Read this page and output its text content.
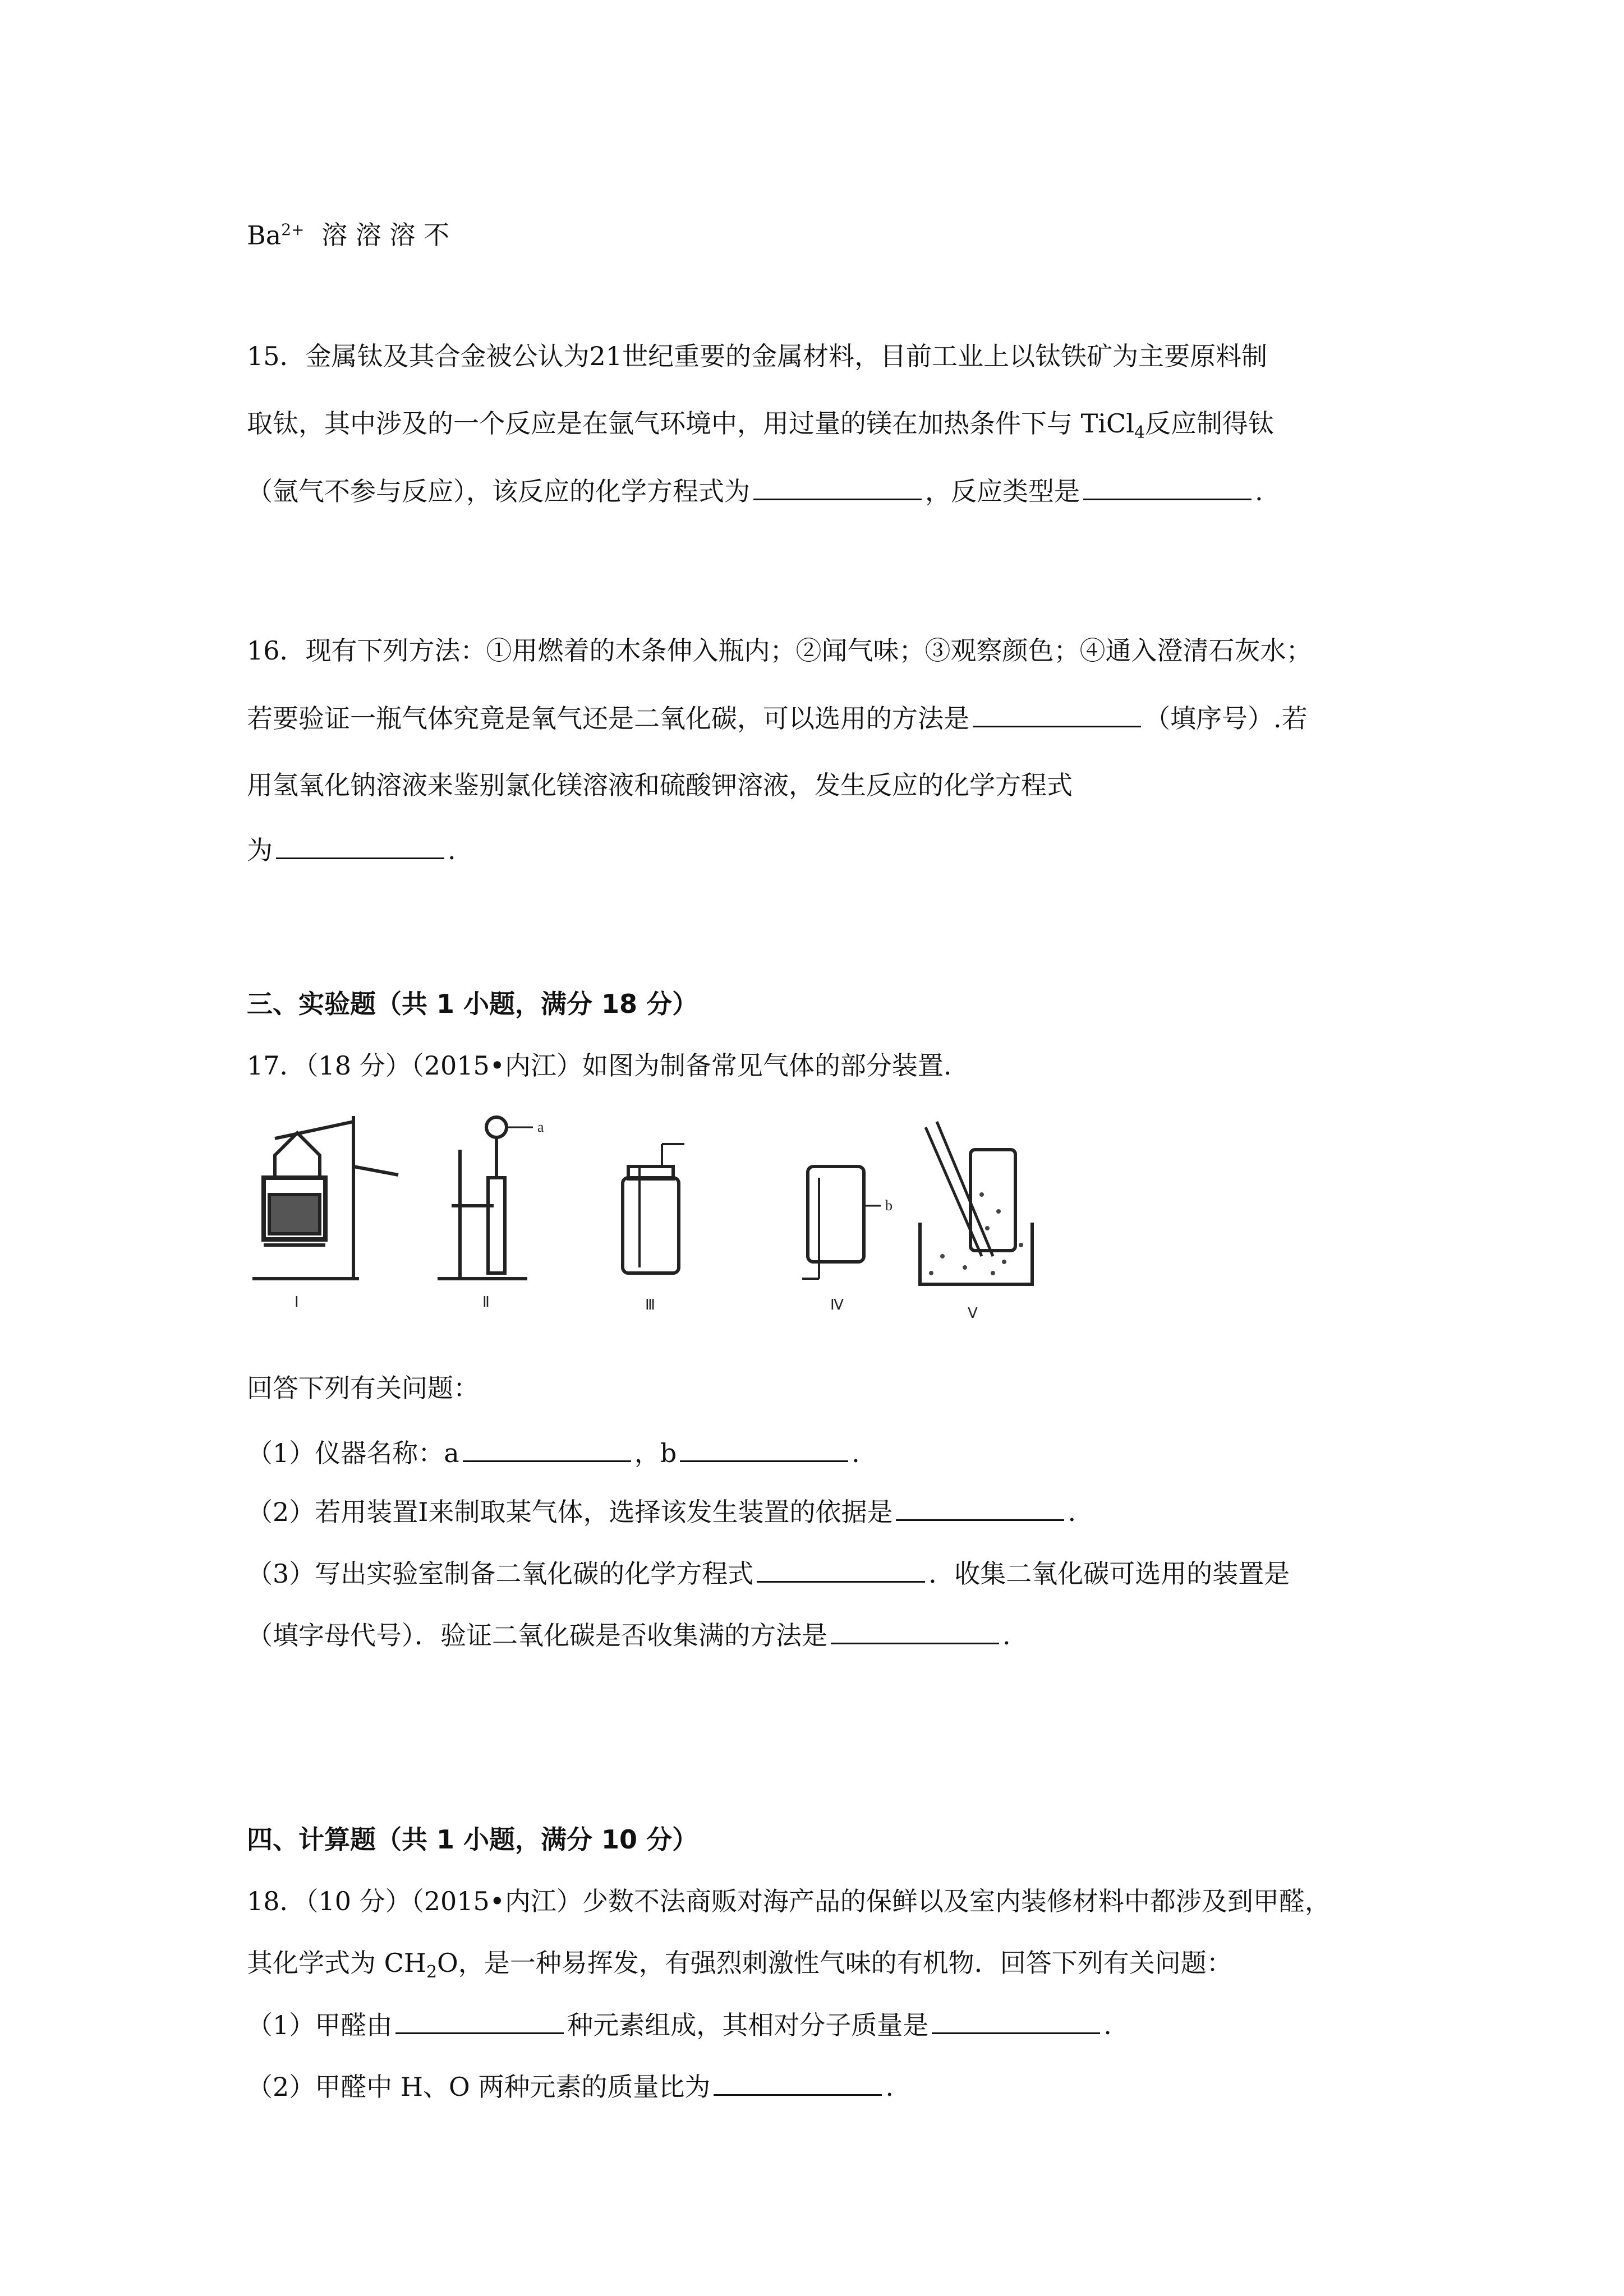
$Ba^{2+}$ 溶 溶 溶 不
15．金属钛及其合金被公认为21世纪重要的金属材料，目前工业上以钛铁矿为主要原料制
取钛，其中涉及的一个反应是在氩气环境中，用过量的镁在加热条件下与 TiCl$_4$反应制得钛
（氩气不参与反应），该反应的化学方程式为	，反应类型是	.
16．现有下列方法：①用燃着的木条伸入瓶内；②闻气味；③观察颜色；④通入澄清石灰水；
若要验证一瓶气体究竟是氧气还是二氧化碳，可以选用的方法是	（填序号）.若
用氢氧化钠溶液来鉴别氯化镁溶液和硫酸钾溶液，发生反应的化学方程式
为	.
三、实验题（共 1 小题，满分 18 分）
17．（18 分）（2015•内江）如图为制备常见气体的部分装置.
Ⅰ	Ⅱ	Ⅲ	Ⅳ
Ⅴ
a
b
回答下列有关问题：
（1）仪器名称：a	，b	.
（2）若用装置Ⅰ来制取某气体，选择该发生装置的依据是	.
（3）写出实验室制备二氧化碳的化学方程式	．收集二氧化碳可选用的装置是
（填字母代号）．验证二氧化碳是否收集满的方法是	.
四、计算题（共 1 小题，满分 10 分）
18．（10 分）（2015•内江）少数不法商贩对海产品的保鲜以及室内装修材料中都涉及到甲醛，
其化学式为 $CH_2O$，是一种易挥发，有强烈刺激性气味的有机物．回答下列有关问题：
（1）甲醛由	种元素组成，其相对分子质量是	.
（2）甲醛中 H、O 两种元素的质量比为	.
